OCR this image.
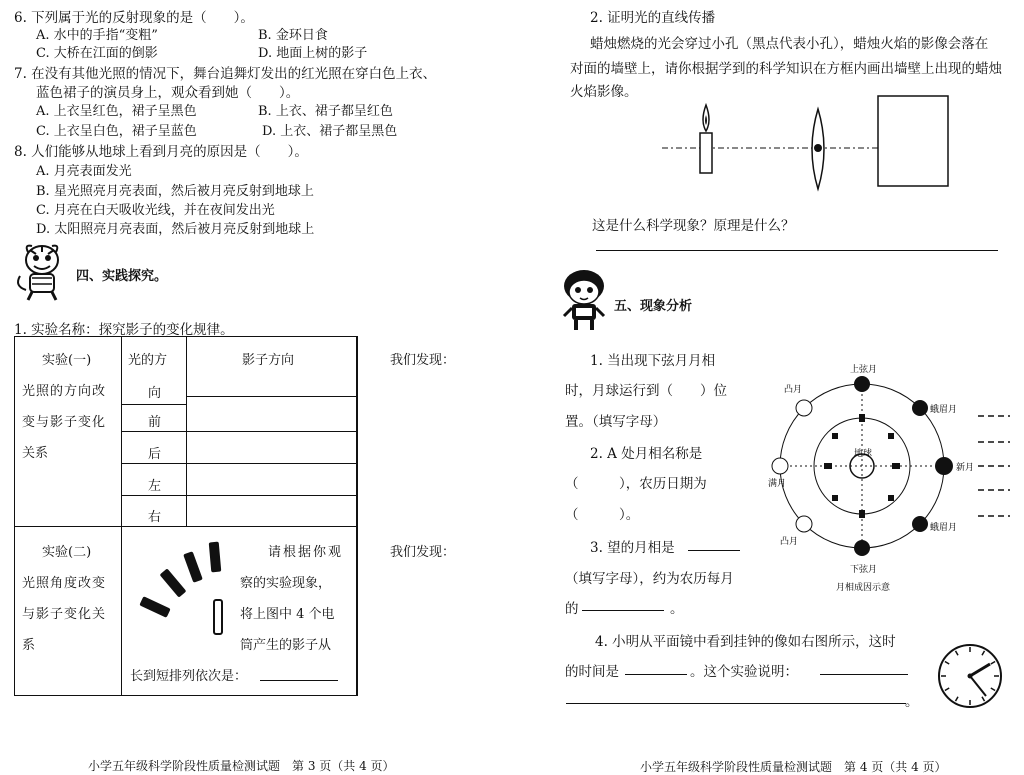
6. 下列属于光的反射现象的是（　　）。
A. 水中的手指“变粗”	B. 金环日食
C. 大桥在江面的倒影	D. 地面上树的影子
7. 在没有其他光照的情况下，舞台追舞灯发出的红光照在穿白色上衣、
蓝色裙子的演员身上，观众看到她（　　）。
A. 上衣呈红色，裙子呈黑色	B. 上衣、裙子都呈红色
C. 上衣呈白色，裙子呈蓝色	D. 上衣、裙子都呈黑色
8. 人们能够从地球上看到月亮的原因是（　　）。
A. 月亮表面发光
B. 星光照亮月亮表面，然后被月亮反射到地球上
C. 月亮在白天吸收光线，并在夜间发出光
D. 太阳照亮月亮表面，然后被月亮反射到地球上
四、实践探究。
1. 实验名称：探究影子的变化规律。
实验(一)
光照的方向改
变与影子变化
关系
光的方	影子方向	我们发现：
向
前
后
左
右
实验(二)
光照角度改变
与影子变化关
系
请根据你观
察的实验现象，
将上图中 4 个电
筒产生的影子从
长到短排列依次是：
我们发现：
小学五年级科学阶段性质量检测试题　第 3 页（共 4 页）
2. 证明光的直线传播
蜡烛燃烧的光会穿过小孔（黑点代表小孔），蜡烛火焰的影像会落在
对面的墙壁上，请你根据学到的科学知识在方框内画出墙壁上出现的蜡烛
火焰影像。
这是什么科学现象？原理是什么？
五、现象分析
1. 当出现下弦月月相
时，月球运行到（　　）位
置。（填写字母）
2. A 处月相名称是
（　　　），农历日期为
（　　　）。
3. 望的月相是
（填写字母），约为农历每月
的	。
4. 小明从平面镜中看到挂钟的像如右图所示，这时
的时间是	。这个实验说明：
。
上弦月
凸月
蛾眉月
满月
新月
凸月
蛾眉月
下弦月
地球
月相成因示意
小学五年级科学阶段性质量检测试题　第 4 页（共 4 页）
